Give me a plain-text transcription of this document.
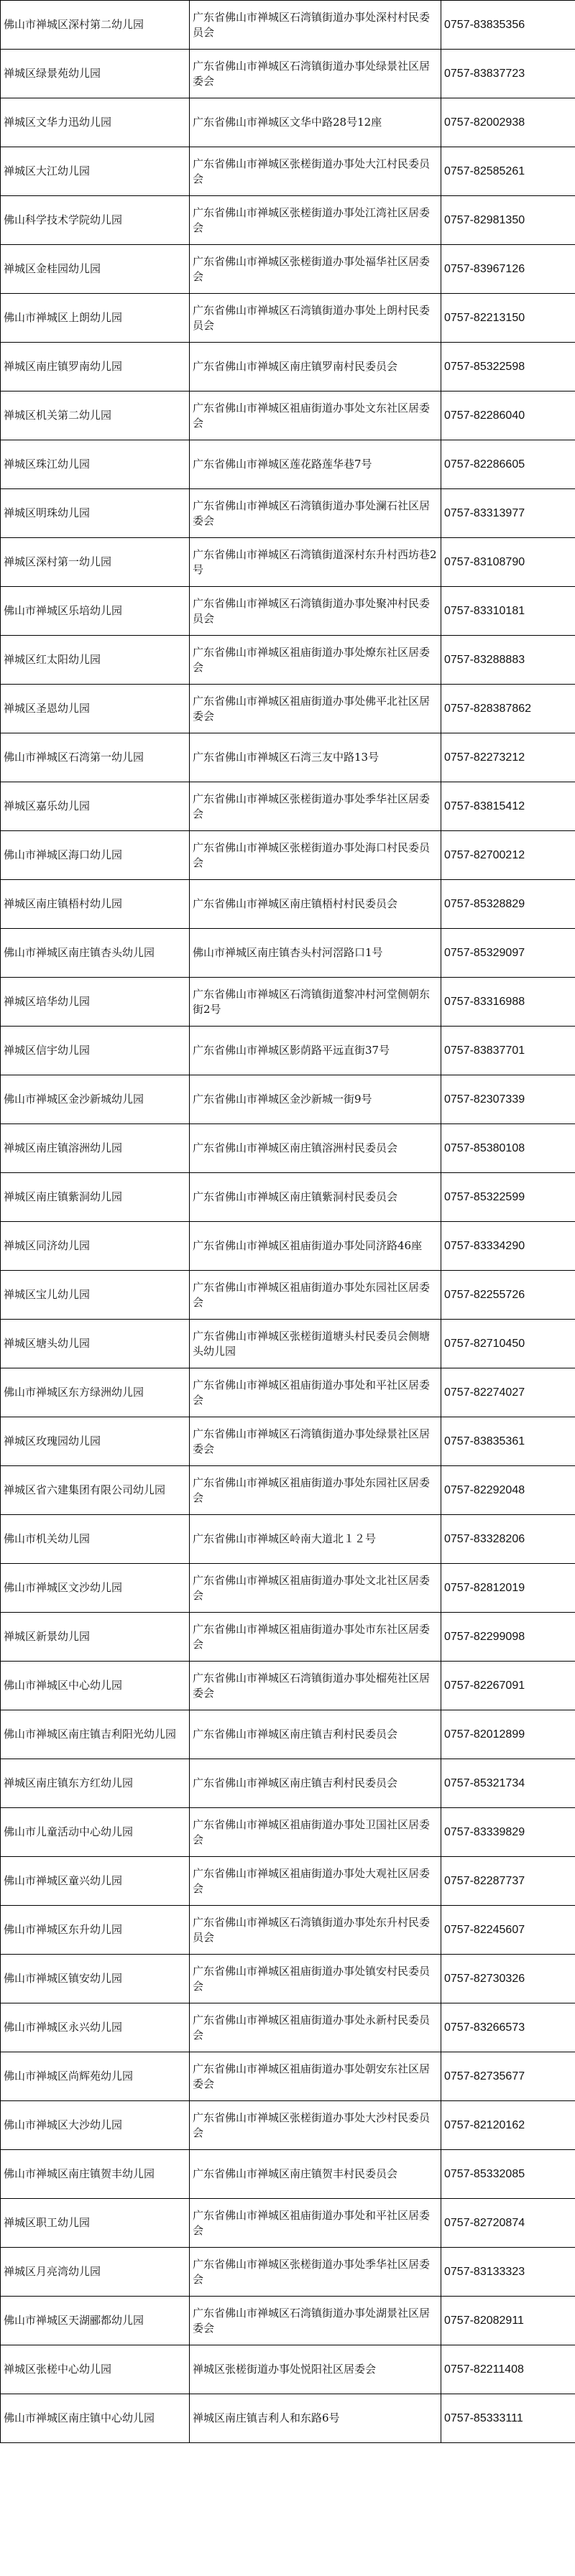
佛山市禅城区深村第二幼儿园	广东省佛山市禅城区石湾镇街道办事处深村村民委员会	0757-83835356
禅城区绿景苑幼儿园	广东省佛山市禅城区石湾镇街道办事处绿景社区居委会	0757-83837723
禅城区文华力迅幼儿园	广东省佛山市禅城区文华中路28号12座	0757-82002938
禅城区大江幼儿园	广东省佛山市禅城区张槎街道办事处大江村民委员会	0757-82585261
佛山科学技术学院幼儿园	广东省佛山市禅城区张槎街道办事处江湾社区居委会	0757-82981350
禅城区金桂园幼儿园	广东省佛山市禅城区张槎街道办事处福华社区居委会	0757-83967126
佛山市禅城区上朗幼儿园	广东省佛山市禅城区石湾镇街道办事处上朗村民委员会	0757-82213150
禅城区南庄镇罗南幼儿园	广东省佛山市禅城区南庄镇罗南村民委员会	0757-85322598
禅城区机关第二幼儿园	广东省佛山市禅城区祖庙街道办事处文东社区居委会	0757-82286040
禅城区珠江幼儿园	广东省佛山市禅城区莲花路莲华巷7号	0757-82286605
禅城区明珠幼儿园	广东省佛山市禅城区石湾镇街道办事处澜石社区居委会	0757-83313977
禅城区深村第一幼儿园	广东省佛山市禅城区石湾镇街道深村东升村西坊巷2号	0757-83108790
佛山市禅城区乐培幼儿园	广东省佛山市禅城区石湾镇街道办事处聚冲村民委员会	0757-83310181
禅城区红太阳幼儿园	广东省佛山市禅城区祖庙街道办事处燎东社区居委会	0757-83288883
禅城区圣恩幼儿园	广东省佛山市禅城区祖庙街道办事处佛平北社区居委会	0757-828387862
佛山市禅城区石湾第一幼儿园	广东省佛山市禅城区石湾三友中路13号	0757-82273212
禅城区嘉乐幼儿园	广东省佛山市禅城区张槎街道办事处季华社区居委会	0757-83815412
佛山市禅城区海口幼儿园	广东省佛山市禅城区张槎街道办事处海口村民委员会	0757-82700212
禅城区南庄镇梧村幼儿园	广东省佛山市禅城区南庄镇梧村村民委员会	0757-85328829
佛山市禅城区南庄镇杏头幼儿园	佛山市禅城区南庄镇杏头村河滘路口1号	0757-85329097
禅城区培华幼儿园	广东省佛山市禅城区石湾镇街道黎冲村河堂侧朝东街2号	0757-83316988
禅城区信宇幼儿园	广东省佛山市禅城区影荫路平远直街37号	0757-83837701
佛山市禅城区金沙新城幼儿园	广东省佛山市禅城区金沙新城一街9号	0757-82307339
禅城区南庄镇溶洲幼儿园	广东省佛山市禅城区南庄镇溶洲村民委员会	0757-85380108
禅城区南庄镇紫洞幼儿园	广东省佛山市禅城区南庄镇紫洞村民委员会	0757-85322599
禅城区同济幼儿园	广东省佛山市禅城区祖庙街道办事处同济路46座	0757-83334290
禅城区宝儿幼儿园	广东省佛山市禅城区祖庙街道办事处东园社区居委会	0757-82255726
禅城区塘头幼儿园	广东省佛山市禅城区张槎街道塘头村民委员会侧塘头幼儿园	0757-82710450
佛山市禅城区东方绿洲幼儿园	广东省佛山市禅城区祖庙街道办事处和平社区居委会	0757-82274027
禅城区玫瑰园幼儿园	广东省佛山市禅城区石湾镇街道办事处绿景社区居委会	0757-83835361
禅城区省六建集团有限公司幼儿园	广东省佛山市禅城区祖庙街道办事处东园社区居委会	0757-82292048
佛山市机关幼儿园	广东省佛山市禅城区岭南大道北１２号	0757-83328206
佛山市禅城区文沙幼儿园	广东省佛山市禅城区祖庙街道办事处文北社区居委会	0757-82812019
禅城区新景幼儿园	广东省佛山市禅城区祖庙街道办事处市东社区居委会	0757-82299098
佛山市禅城区中心幼儿园	广东省佛山市禅城区石湾镇街道办事处榴苑社区居委会	0757-82267091
佛山市禅城区南庄镇吉利阳光幼儿园	广东省佛山市禅城区南庄镇吉利村民委员会	0757-82012899
禅城区南庄镇东方红幼儿园	广东省佛山市禅城区南庄镇吉利村民委员会	0757-85321734
佛山市儿童活动中心幼儿园	广东省佛山市禅城区祖庙街道办事处卫国社区居委会	0757-83339829
佛山市禅城区童兴幼儿园	广东省佛山市禅城区祖庙街道办事处大观社区居委会	0757-82287737
佛山市禅城区东升幼儿园	广东省佛山市禅城区石湾镇街道办事处东升村民委员会	0757-82245607
佛山市禅城区镇安幼儿园	广东省佛山市禅城区祖庙街道办事处镇安村民委员会	0757-82730326
佛山市禅城区永兴幼儿园	广东省佛山市禅城区祖庙街道办事处永新村民委员会	0757-83266573
佛山市禅城区尚辉苑幼儿园	广东省佛山市禅城区祖庙街道办事处朝安东社区居委会	0757-82735677
佛山市禅城区大沙幼儿园	广东省佛山市禅城区张槎街道办事处大沙村民委员会	0757-82120162
佛山市禅城区南庄镇贺丰幼儿园	广东省佛山市禅城区南庄镇贺丰村民委员会	0757-85332085
禅城区职工幼儿园	广东省佛山市禅城区祖庙街道办事处和平社区居委会	0757-82720874
禅城区月亮湾幼儿园	广东省佛山市禅城区张槎街道办事处季华社区居委会	0757-83133323
佛山市禅城区天湖郦都幼儿园	广东省佛山市禅城区石湾镇街道办事处湖景社区居委会	0757-82082911
禅城区张槎中心幼儿园	禅城区张槎街道办事处悦阳社区居委会	0757-82211408
佛山市禅城区南庄镇中心幼儿园	禅城区南庄镇吉利人和东路6号	0757-85333111
